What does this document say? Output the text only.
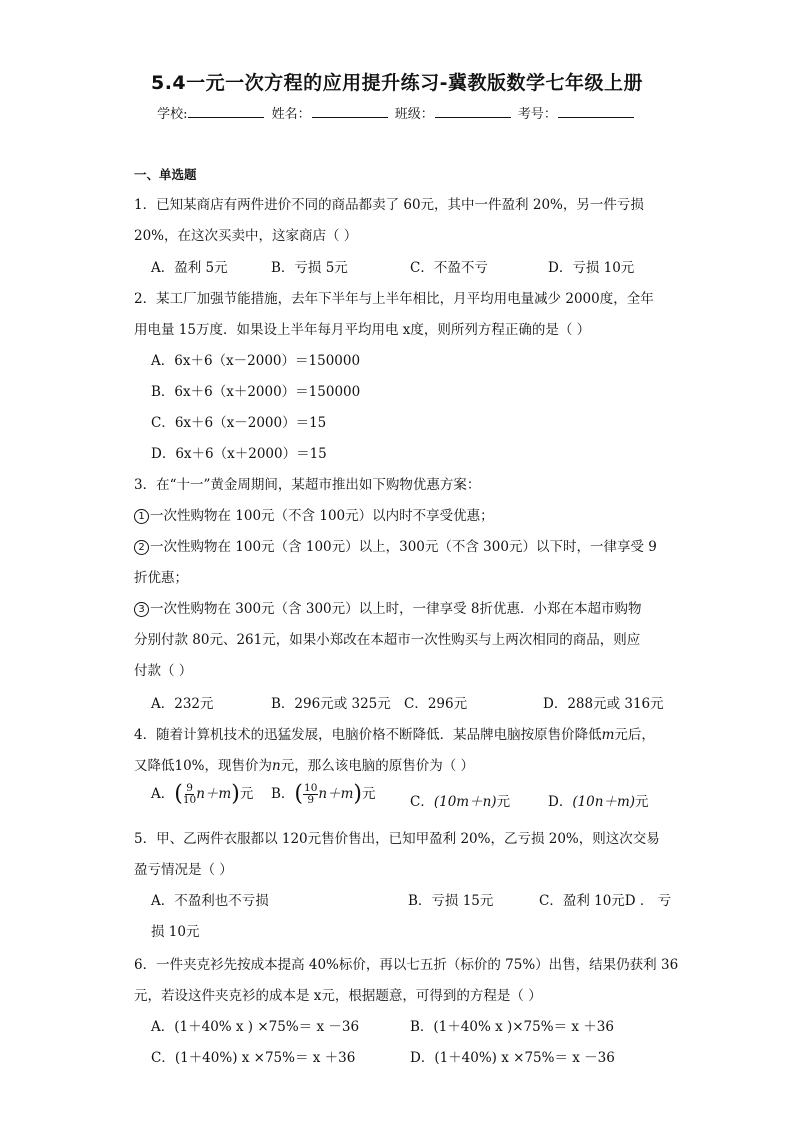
5.4一元一次方程的应用提升练习-冀教版数学七年级上册
学校:	姓名：	班级：	考号：
一、单选题
1．已知某商店有两件进价不同的商品都卖了 60元，其中一件盈利 20%，另一件亏损
20%，在这次买卖中，这家商店（ ）
A．盈利 5元	B．亏损 5元	C．不盈不亏	D．亏损 10元
2．某工厂加强节能措施，去年下半年与上半年相比，月平均用电量减少 2000度，全年
用电量 15万度．如果设上半年每月平均用电 x度，则所列方程正确的是（ ）
A．6x＋6（x－2000）＝150000
B．6x＋6（x＋2000）＝150000
C．6x＋6（x－2000）＝15
D．6x＋6（x＋2000）＝15
3．在“十一”黄金周期间，某超市推出如下购物优惠方案：
1 一次性购物在 100元（不含 100元）以内时不享受优惠；
2 一次性购物在 100元（含 100元）以上，300元（不含 300元）以下时，一律享受 9
折优惠；
3 一次性购物在 300元（含 300元）以上时，一律享受 8折优惠．小郑在本超市购物
分别付款 80元、261元，如果小郑改在本超市一次性购买与上两次相同的商品，则应
付款（ ）
A．232元	B．296元或 325元 C．296元	D．288元或 316元
4．随着计算机技术的迅猛发展，电脑价格不断降低．某品牌电脑按原售价降低m元后，
又降低10%，现售价为n元，那么该电脑的原售价为（ ）
A．( $\frac{9}{10} n+m$)元 B．( $\frac{10}{9} n+m$)元	C．(10m＋n)元	D．(10n＋m)元
5．甲、乙两件衣服都以 120元售价售出，已知甲盈利 20%，乙亏损 20%，则这次交易
盈亏情况是（ ）
A．不盈利也不亏损	B．亏损 15元	C．盈利 10元D ． 亏
损 10元
6．一件夹克衫先按成本提高 40%标价，再以七五折（标价的 75%）出售，结果仍获利 36
元，若设这件夹克衫的成本是 x元，根据题意，可得到的方程是（ ）
A．(1＋40% x ) ×75%＝ x －36	B．(1＋40% x )×75%＝ x ＋36
C．(1＋40%) x ×75%＝ x ＋36	D．(1＋40%) x ×75%＝ x －36
